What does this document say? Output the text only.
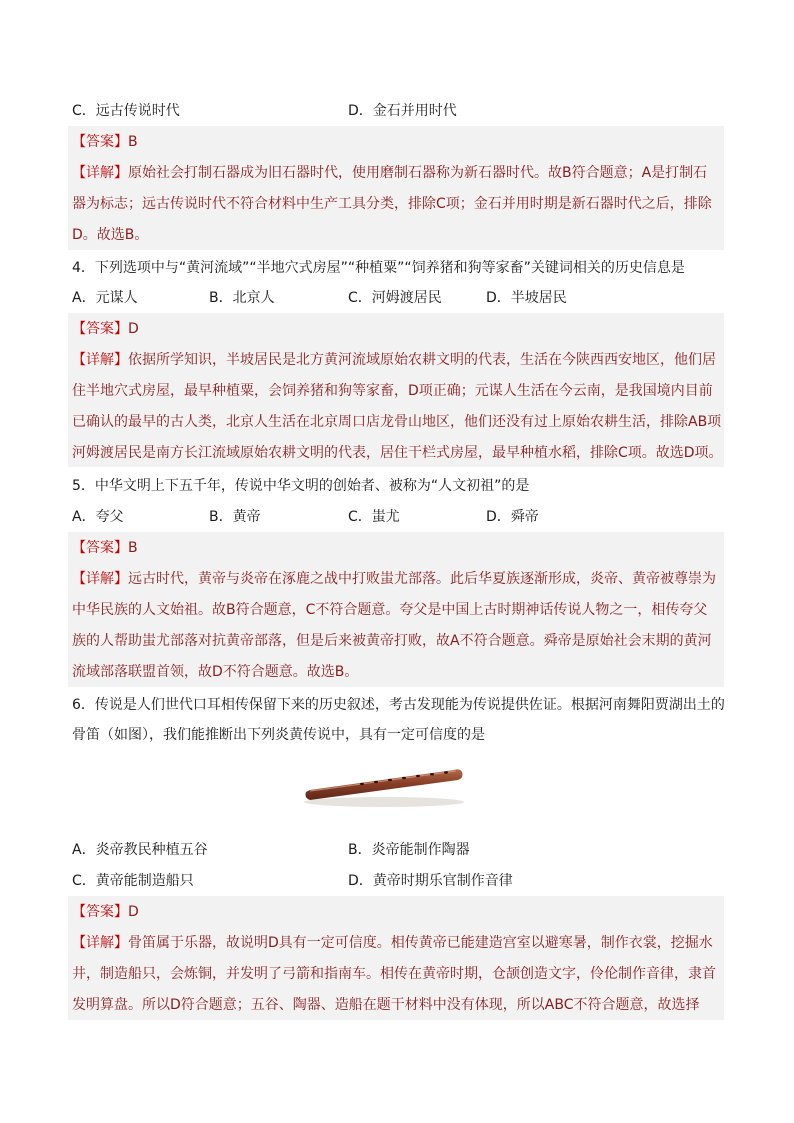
C．远古传说时代	D．金石并用时代
【答案】B
【详解】原始社会打制石器成为旧石器时代，使用磨制石器称为新石器时代。故B符合题意；A是打制石
器为标志；远古传说时代不符合材料中生产工具分类，排除C项；金石并用时期是新石器时代之后，排除
D。故选B。
4．下列选项中与“黄河流域”“半地穴式房屋”“种植粟”“饲养猪和狗等家畜”关键词相关的历史信息是
A．元谋人	B．北京人	C．河姆渡居民	D．半坡居民
【答案】D
【详解】依据所学知识，半坡居民是北方黄河流域原始农耕文明的代表，生活在今陕西西安地区，他们居
住半地穴式房屋，最早种植粟，会饲养猪和狗等家畜，D项正确；元谋人生活在今云南，是我国境内目前
已确认的最早的古人类，北京人生活在北京周口店龙骨山地区，他们还没有过上原始农耕生活，排除AB项
河姆渡居民是南方长江流域原始农耕文明的代表，居住干栏式房屋，最早种植水稻，排除C项。故选D项。
5．中华文明上下五千年，传说中华文明的创始者、被称为“人文初祖”的是
A．夸父	B．黄帝	C．蚩尤	D．舜帝
【答案】B
【详解】远古时代，黄帝与炎帝在涿鹿之战中打败蚩尤部落。此后华夏族逐渐形成，炎帝、黄帝被尊崇为
中华民族的人文始祖。故B符合题意，C不符合题意。夸父是中国上古时期神话传说人物之一，相传夸父
族的人帮助蚩尤部落对抗黄帝部落，但是后来被黄帝打败，故A不符合题意。舜帝是原始社会末期的黄河
流域部落联盟首领，故D不符合题意。故选B。
6．传说是人们世代口耳相传保留下来的历史叙述，考古发现能为传说提供佐证。根据河南舞阳贾湖出土的
骨笛（如图），我们能推断出下列炎黄传说中，具有一定可信度的是
A．炎帝教民种植五谷	B．炎帝能制作陶器
C．黄帝能制造船只	D．黄帝时期乐官制作音律
【答案】D
【详解】骨笛属于乐器，故说明D具有一定可信度。相传黄帝已能建造宫室以避寒暑，制作衣裳，挖掘水
井，制造船只，会炼铜，并发明了弓箭和指南车。相传在黄帝时期，仓颉创造文字，伶伦制作音律，隶首
发明算盘。所以D符合题意；五谷、陶器、造船在题干材料中没有体现，所以ABC不符合题意，故选择
